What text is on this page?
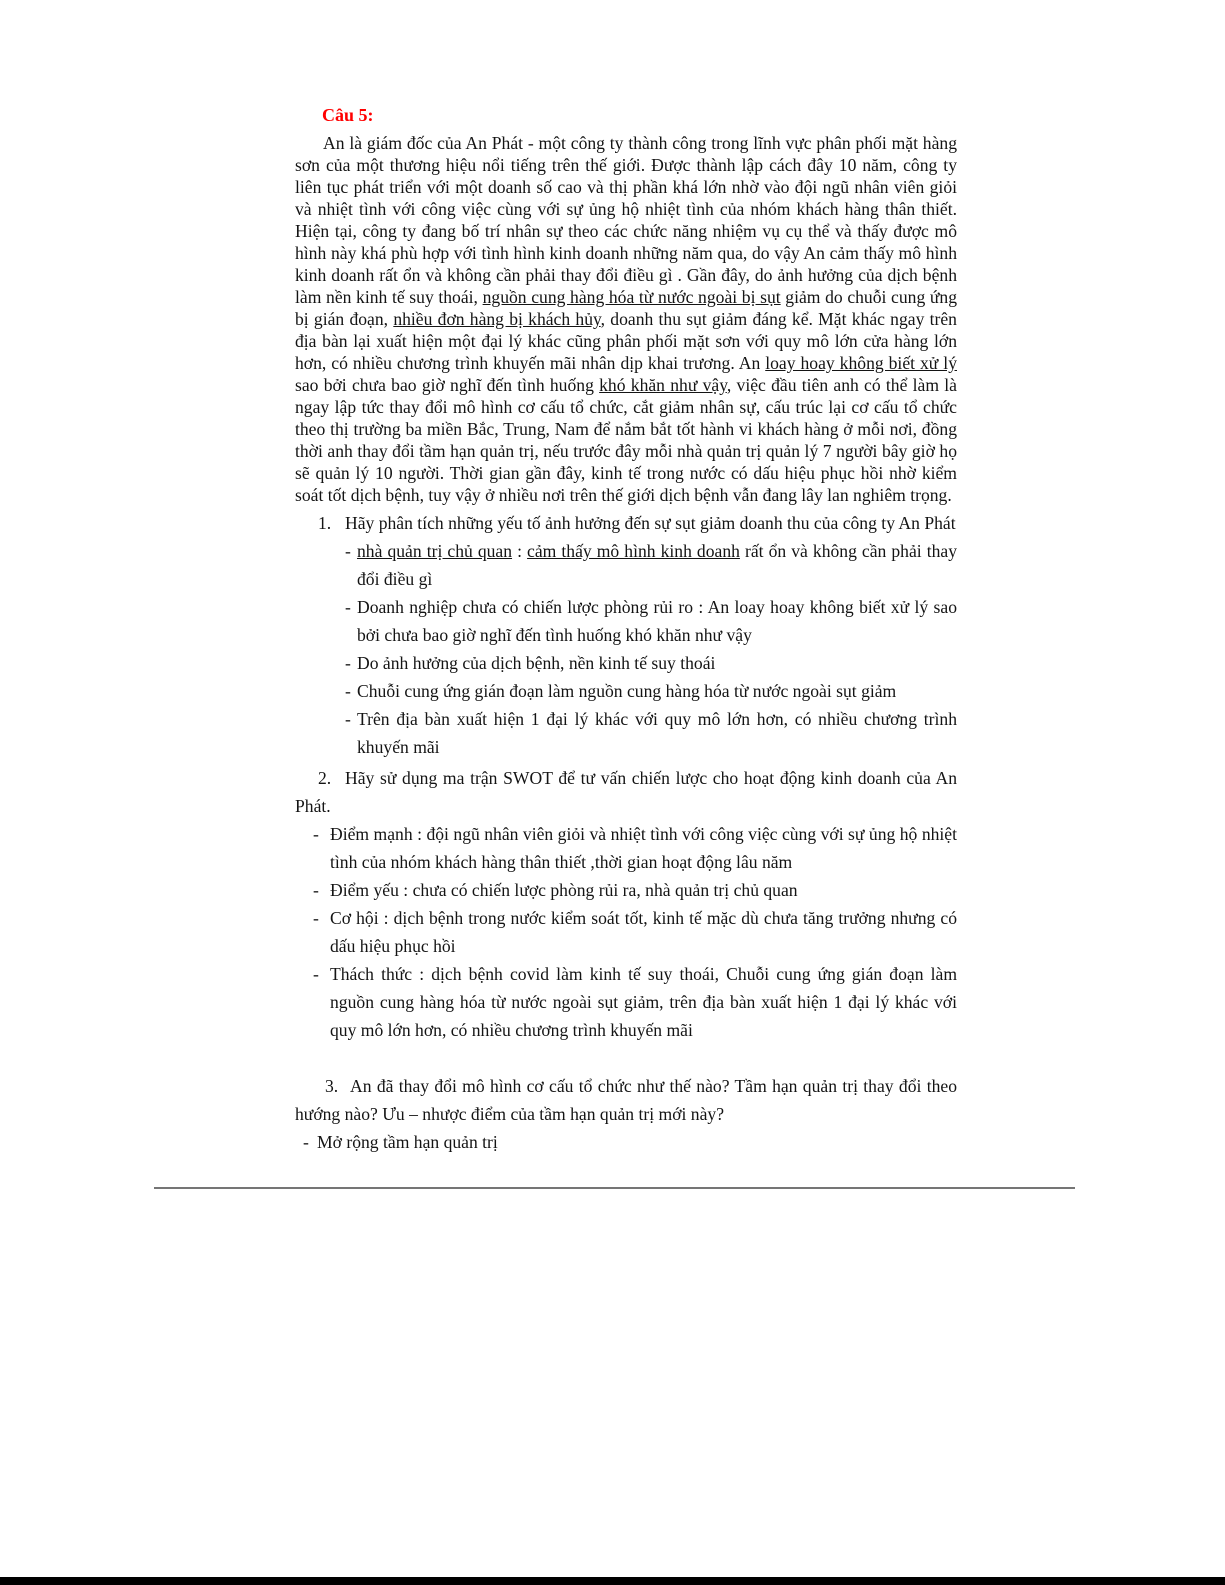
Câu 5:
An là giám đốc của An Phát - một công ty thành công trong lĩnh vực phân phối mặt hàng sơn của một thương hiệu nổi tiếng trên thế giới. Được thành lập cách đây 10 năm, công ty liên tục phát triển với một doanh số cao và thị phần khá lớn nhờ vào đội ngũ nhân viên giỏi và nhiệt tình với công việc cùng với sự ủng hộ nhiệt tình của nhóm khách hàng thân thiết. Hiện tại, công ty đang bố trí nhân sự theo các chức năng nhiệm vụ cụ thể và thấy được mô hình này khá phù hợp với tình hình kinh doanh những năm qua, do vậy An cảm thấy mô hình kinh doanh rất ổn và không cần phải thay đổi điều gì . Gần đây, do ảnh hưởng của dịch bệnh làm nền kinh tế suy thoái, nguồn cung hàng hóa từ nước ngoài bị sụt giảm do chuỗi cung ứng bị gián đoạn, nhiều đơn hàng bị khách hủy, doanh thu sụt giảm đáng kể. Mặt khác ngay trên địa bàn lại xuất hiện một đại lý khác cũng phân phối mặt sơn với quy mô lớn cửa hàng lớn hơn, có nhiều chương trình khuyến mãi nhân dịp khai trương. An loay hoay không biết xử lý sao bởi chưa bao giờ nghĩ đến tình huống khó khăn như vậy, việc đầu tiên anh có thể làm là ngay lập tức thay đổi mô hình cơ cấu tổ chức, cắt giảm nhân sự, cấu trúc lại cơ cấu tổ chức theo thị trường ba miền Bắc, Trung, Nam để nắm bắt tốt hành vi khách hàng ở mỗi nơi, đồng thời anh thay đổi tầm hạn quản trị, nếu trước đây mỗi nhà quản trị quản lý 7 người bây giờ họ sẽ quản lý 10 người. Thời gian gần đây, kinh tế trong nước có dấu hiệu phục hồi nhờ kiểm soát tốt dịch bệnh, tuy vậy ở nhiều nơi trên thế giới dịch bệnh vẫn đang lây lan nghiêm trọng.
1. Hãy phân tích những yếu tố ảnh hưởng đến sự sụt giảm doanh thu của công ty An Phát
- nhà quản trị chủ quan : cảm thấy mô hình kinh doanh rất ổn và không cần phải thay đổi điều gì
- Doanh nghiệp chưa có chiến lược phòng rủi ro : An loay hoay không biết xử lý sao bởi chưa bao giờ nghĩ đến tình huống khó khăn như vậy
- Do ảnh hưởng của dịch bệnh, nền kinh tế suy thoái
- Chuỗi cung ứng gián đoạn làm nguồn cung hàng hóa từ nước ngoài sụt giảm
- Trên địa bàn xuất hiện 1 đại lý khác với quy mô lớn hơn, có nhiều chương trình khuyến mãi
2. Hãy sử dụng ma trận SWOT để tư vấn chiến lược cho hoạt động kinh doanh của An Phát.
- Điểm mạnh : đội ngũ nhân viên giỏi và nhiệt tình với công việc cùng với sự ủng hộ nhiệt tình của nhóm khách hàng thân thiết ,thời gian hoạt động lâu năm
- Điểm yếu : chưa có chiến lược phòng rủi ra, nhà quản trị chủ quan
- Cơ hội : dịch bệnh trong nước kiểm soát tốt, kinh tế mặc dù chưa tăng trưởng nhưng có dấu hiệu phục hồi
- Thách thức : dịch bệnh covid làm kinh tế suy thoái, Chuỗi cung ứng gián đoạn làm nguồn cung hàng hóa từ nước ngoài sụt giảm, trên địa bàn xuất hiện 1 đại lý khác với quy mô lớn hơn, có nhiều chương trình khuyến mãi
3. An đã thay đổi mô hình cơ cấu tổ chức như thế nào? Tầm hạn quản trị thay đổi theo hướng nào? Ưu – nhược điểm của tầm hạn quản trị mới này?
- Mở rộng tầm hạn quản trị
